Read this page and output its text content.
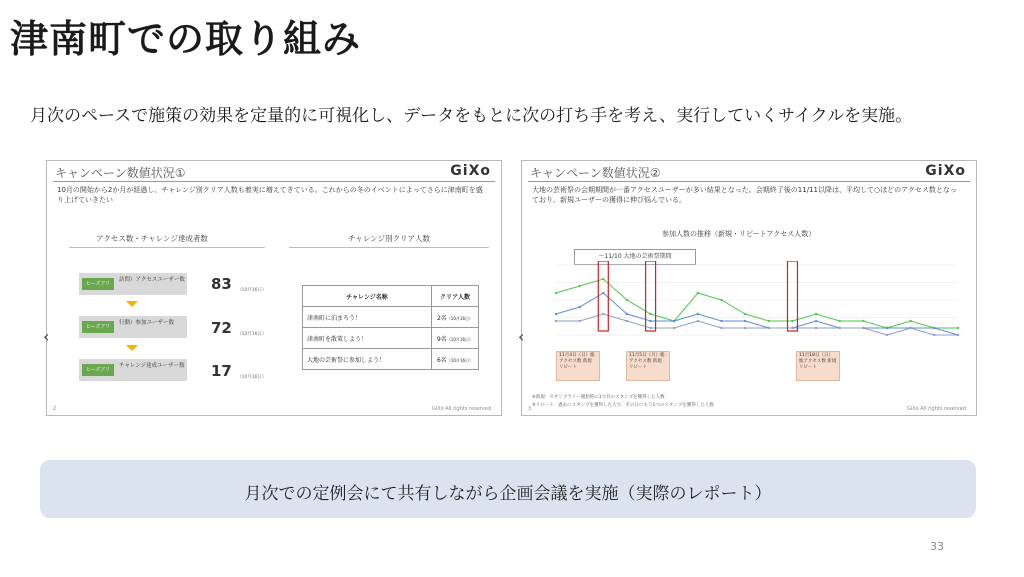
津南町での取り組み
月次のペースで施策の効果を定量的に可視化し、データをもとに次の打ち手を考え、実行していくサイクルを実施。
キャンペーン数値状況①	GiXo
10月の開始から2か月が経過し、チャレンジ別クリア人数も着実に増えてきている。これからの冬のイベントによってさらに津南町を盛り上げていきたい
‹
アクセス数・チャレンジ達成者数	チャレンジ別クリア人数
ヒーズアリ
訪問）アクセスユーザー数 83 （10月16日）
ヒーズアリ
行動）参加ユーザー数	72 （10月16日）
ヒーズアリ
チャレンジ達成ユーザー数 17 （10月16日）
チャレンジ名称	クリア人数
津南町に泊まろう！	2名（10月16日）
津南町を散策しよう！	9名（10月16日）
大地の芸術祭に参加しよう！	6名（10月16日）
2	GiXo All rights reserved
キャンペーン数値状況②	GiXo
大地の芸術祭の会期期間が一番アクセスユーザーが多い結果となった。会期終了後の11/11以降は、平均して○ほどのアクセス数となっており、新規ユーザーの獲得に伸び悩んでいる。
‹
参加人数の推移（新規・リピートアクセス人数）
〜11/10 大地の芸術祭期間
11月4日（日）総アクセス数 新規 リピート
11月5日（月）総アクセス数 新規 リピート
11月18日（日）総アクセス数 新規 リピート
※新規：スタンプラリー開始時に1つ目のスタンプを獲得した人数
※リピート：過去にスタンプを獲得した人で、その日にもう1つのスタンプを獲得した人数
3	GiXo All rights reserved
月次での定例会にて共有しながら企画会議を実施（実際のレポート）
33
